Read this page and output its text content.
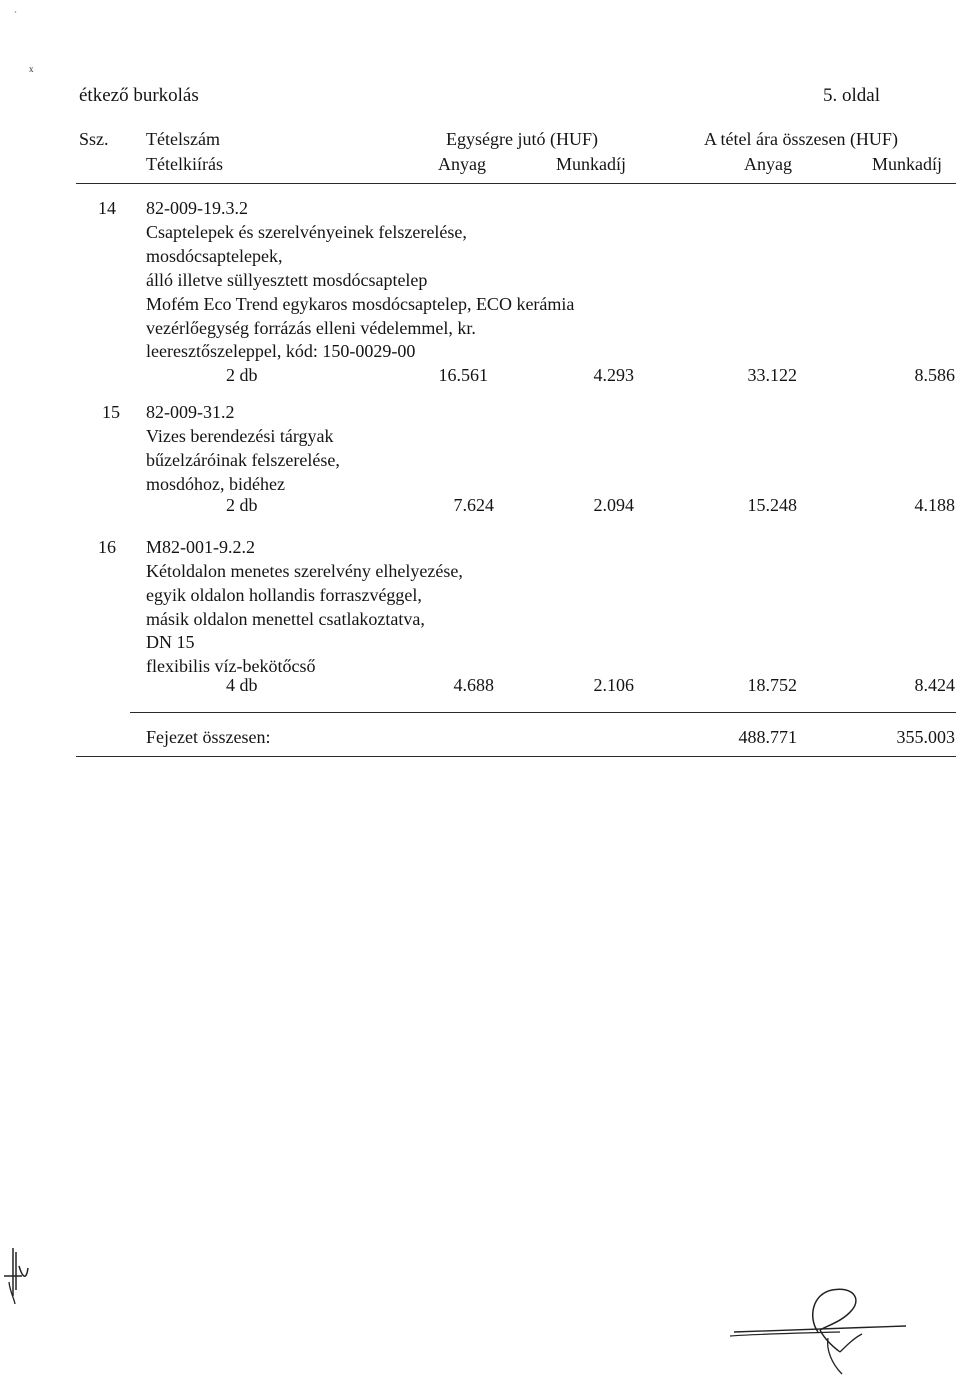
`
x
étkező burkolás	5. oldal
Ssz. Tételszám
Tételkiírás
Egységre jutó (HUF)
Anyag	Munkadíj
A tétel ára összesen (HUF)
Anyag	Munkadíj
14 82-009-19.3.2
Csaptelepek és szerelvényeinek felszerelése,
mosdócsaptelepek,
álló illetve süllyesztett mosdócsaptelep
Mofém Eco Trend egykaros mosdócsaptelep, ECO kerámia
vezérlőegység forrázás elleni védelemmel, kr.
leeresztőszeleppel, kód: 150-0029-00
2 db	16.561	4.293	33.122	8.586
15 82-009-31.2
Vizes berendezési tárgyak
bűzelzáróinak felszerelése,
mosdóhoz, bidéhez
2 db	7.624	2.094	15.248	4.188
16 M82-001-9.2.2
Kétoldalon menetes szerelvény elhelyezése,
egyik oldalon hollandis forraszvéggel,
másik oldalon menettel csatlakoztatva,
DN 15
flexibilis víz-bekötőcső
4 db	4.688	2.106	18.752	8.424
Fejezet összesen:	488.771	355.003
